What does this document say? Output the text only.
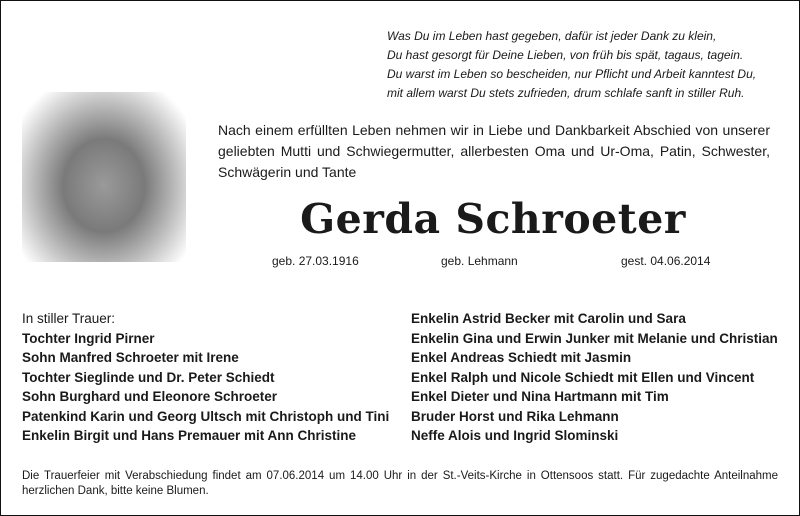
Was Du im Leben hast gegeben, dafür ist jeder Dank zu klein,
Du hast gesorgt für Deine Lieben, von früh bis spät, tagaus, tagein.
Du warst im Leben so bescheiden, nur Pflicht und Arbeit kanntest Du,
mit allem warst Du stets zufrieden, drum schlafe sanft in stiller Ruh.
Nach einem erfüllten Leben nehmen wir in Liebe und Dankbarkeit Abschied von unserer geliebten Mutti und Schwiegermutter, allerbesten Oma und Ur-Oma, Patin, Schwester, Schwägerin und Tante
Gerda Schroeter
geb. 27.03.1916	geb. Lehmann	gest. 04.06.2014
In stiller Trauer:
Tochter Ingrid Pirner
Sohn Manfred Schroeter mit Irene
Tochter Sieglinde und Dr. Peter Schiedt
Sohn Burghard und Eleonore Schroeter
Patenkind Karin und Georg Ultsch mit Christoph und Tini
Enkelin Birgit und Hans Premauer mit Ann Christine
Enkelin Astrid Becker mit Carolin und Sara
Enkelin Gina und Erwin Junker mit Melanie und Christian
Enkel Andreas Schiedt mit Jasmin
Enkel Ralph und Nicole Schiedt mit Ellen und Vincent
Enkel Dieter und Nina Hartmann mit Tim
Bruder Horst und Rika Lehmann
Neffe Alois und Ingrid Slominski
Die Trauerfeier mit Verabschiedung findet am 07.06.2014 um 14.00 Uhr in der St.-Veits-Kirche in Ottensoos statt. Für zugedachte Anteilnahme herzlichen Dank, bitte keine Blumen.
